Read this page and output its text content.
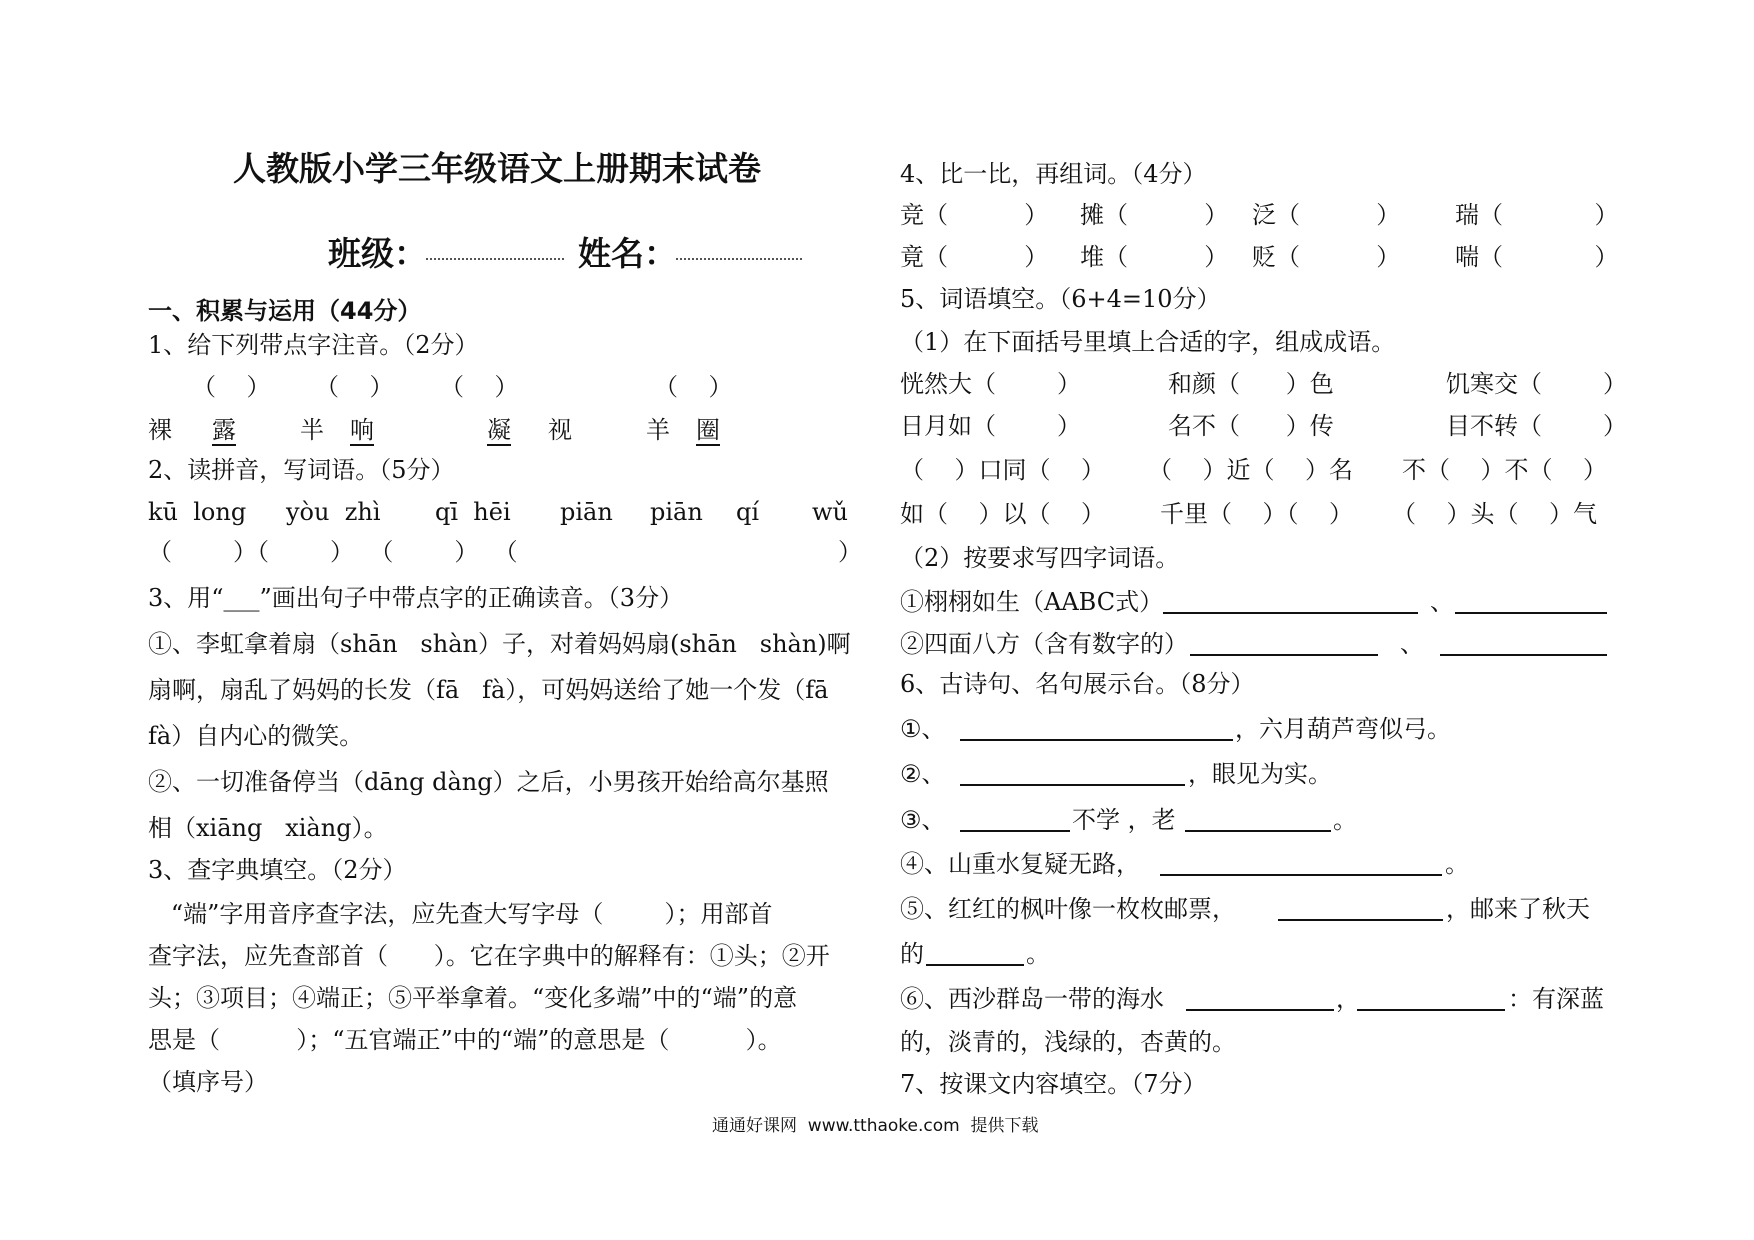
人教版小学三年级语文上册期末试卷
班级：	姓名：
一、积累与运用（44分）
1、给下列带点字注音。（2分）
（    ） （    ） （    ）	（    ）
裸 露	半 响	凝 视	羊 圈
2、读拼音，写词语。（5分）
kū  long yòu  zhì qī  hēi piān piān qí wǔ
（        ）（        ）  （        ）  （                                          ）
3、用“___”画出句子中带点字的正确读音。（3分）
①、李虹拿着扇（shān   shàn）子，对着妈妈扇(shān   shàn)啊
扇啊，扇乱了妈妈的长发（fā   fà），可妈妈送给了她一个发（fā
fà）自内心的微笑。
②、一切准备停当（dāng dàng）之后，小男孩开始给高尔基照
相（xiāng   xiàng）。
3、查字典填空。（2分）
“端”字用音序查字法，应先查大写字母（        ）；用部首
查字法，应先查部首（      ）。它在字典中的解释有：①头；②开
头；③项目；④端正；⑤平举拿着。“变化多端”中的“端”的意
思是（          ）；“五官端正”中的“端”的意思是（          ）。
（填序号）
4、比一比，再组词。（4分）
竞（          ） 摊（          ） 泛（          ） 瑞（            ）
竟（          ） 堆（          ） 贬（          ） 喘（            ）
5、词语填空。（6+4=10分）
（1）在下面括号里填上合适的字，组成成语。
恍然大（        ）	和颜（      ）色	饥寒交（        ）
日月如（        ）	名不（      ）传	目不转（        ）
（    ）口同（    ） （    ）近（    ）名 不（    ）不（    ）
如（    ）以（    ） 千里（    ）（    ） （    ）头（    ）气
（2）按要求写四字词语。
①栩栩如生（AABC式）	、
②四面八方（含有数字的）	、
6、古诗句、名句展示台。（8分）
①、	，六月葫芦弯似弓。
②、	，眼见为实。
③、	不学 ，老	。
④、山重水复疑无路，	。
⑤、红红的枫叶像一枚枚邮票，	，邮来了秋天
的	。
⑥、西沙群岛一带的海水	，	：有深蓝
的，淡青的，浅绿的，杏黄的。
7、按课文内容填空。（7分）
通通好课网  www.tthaoke.com  提供下载
